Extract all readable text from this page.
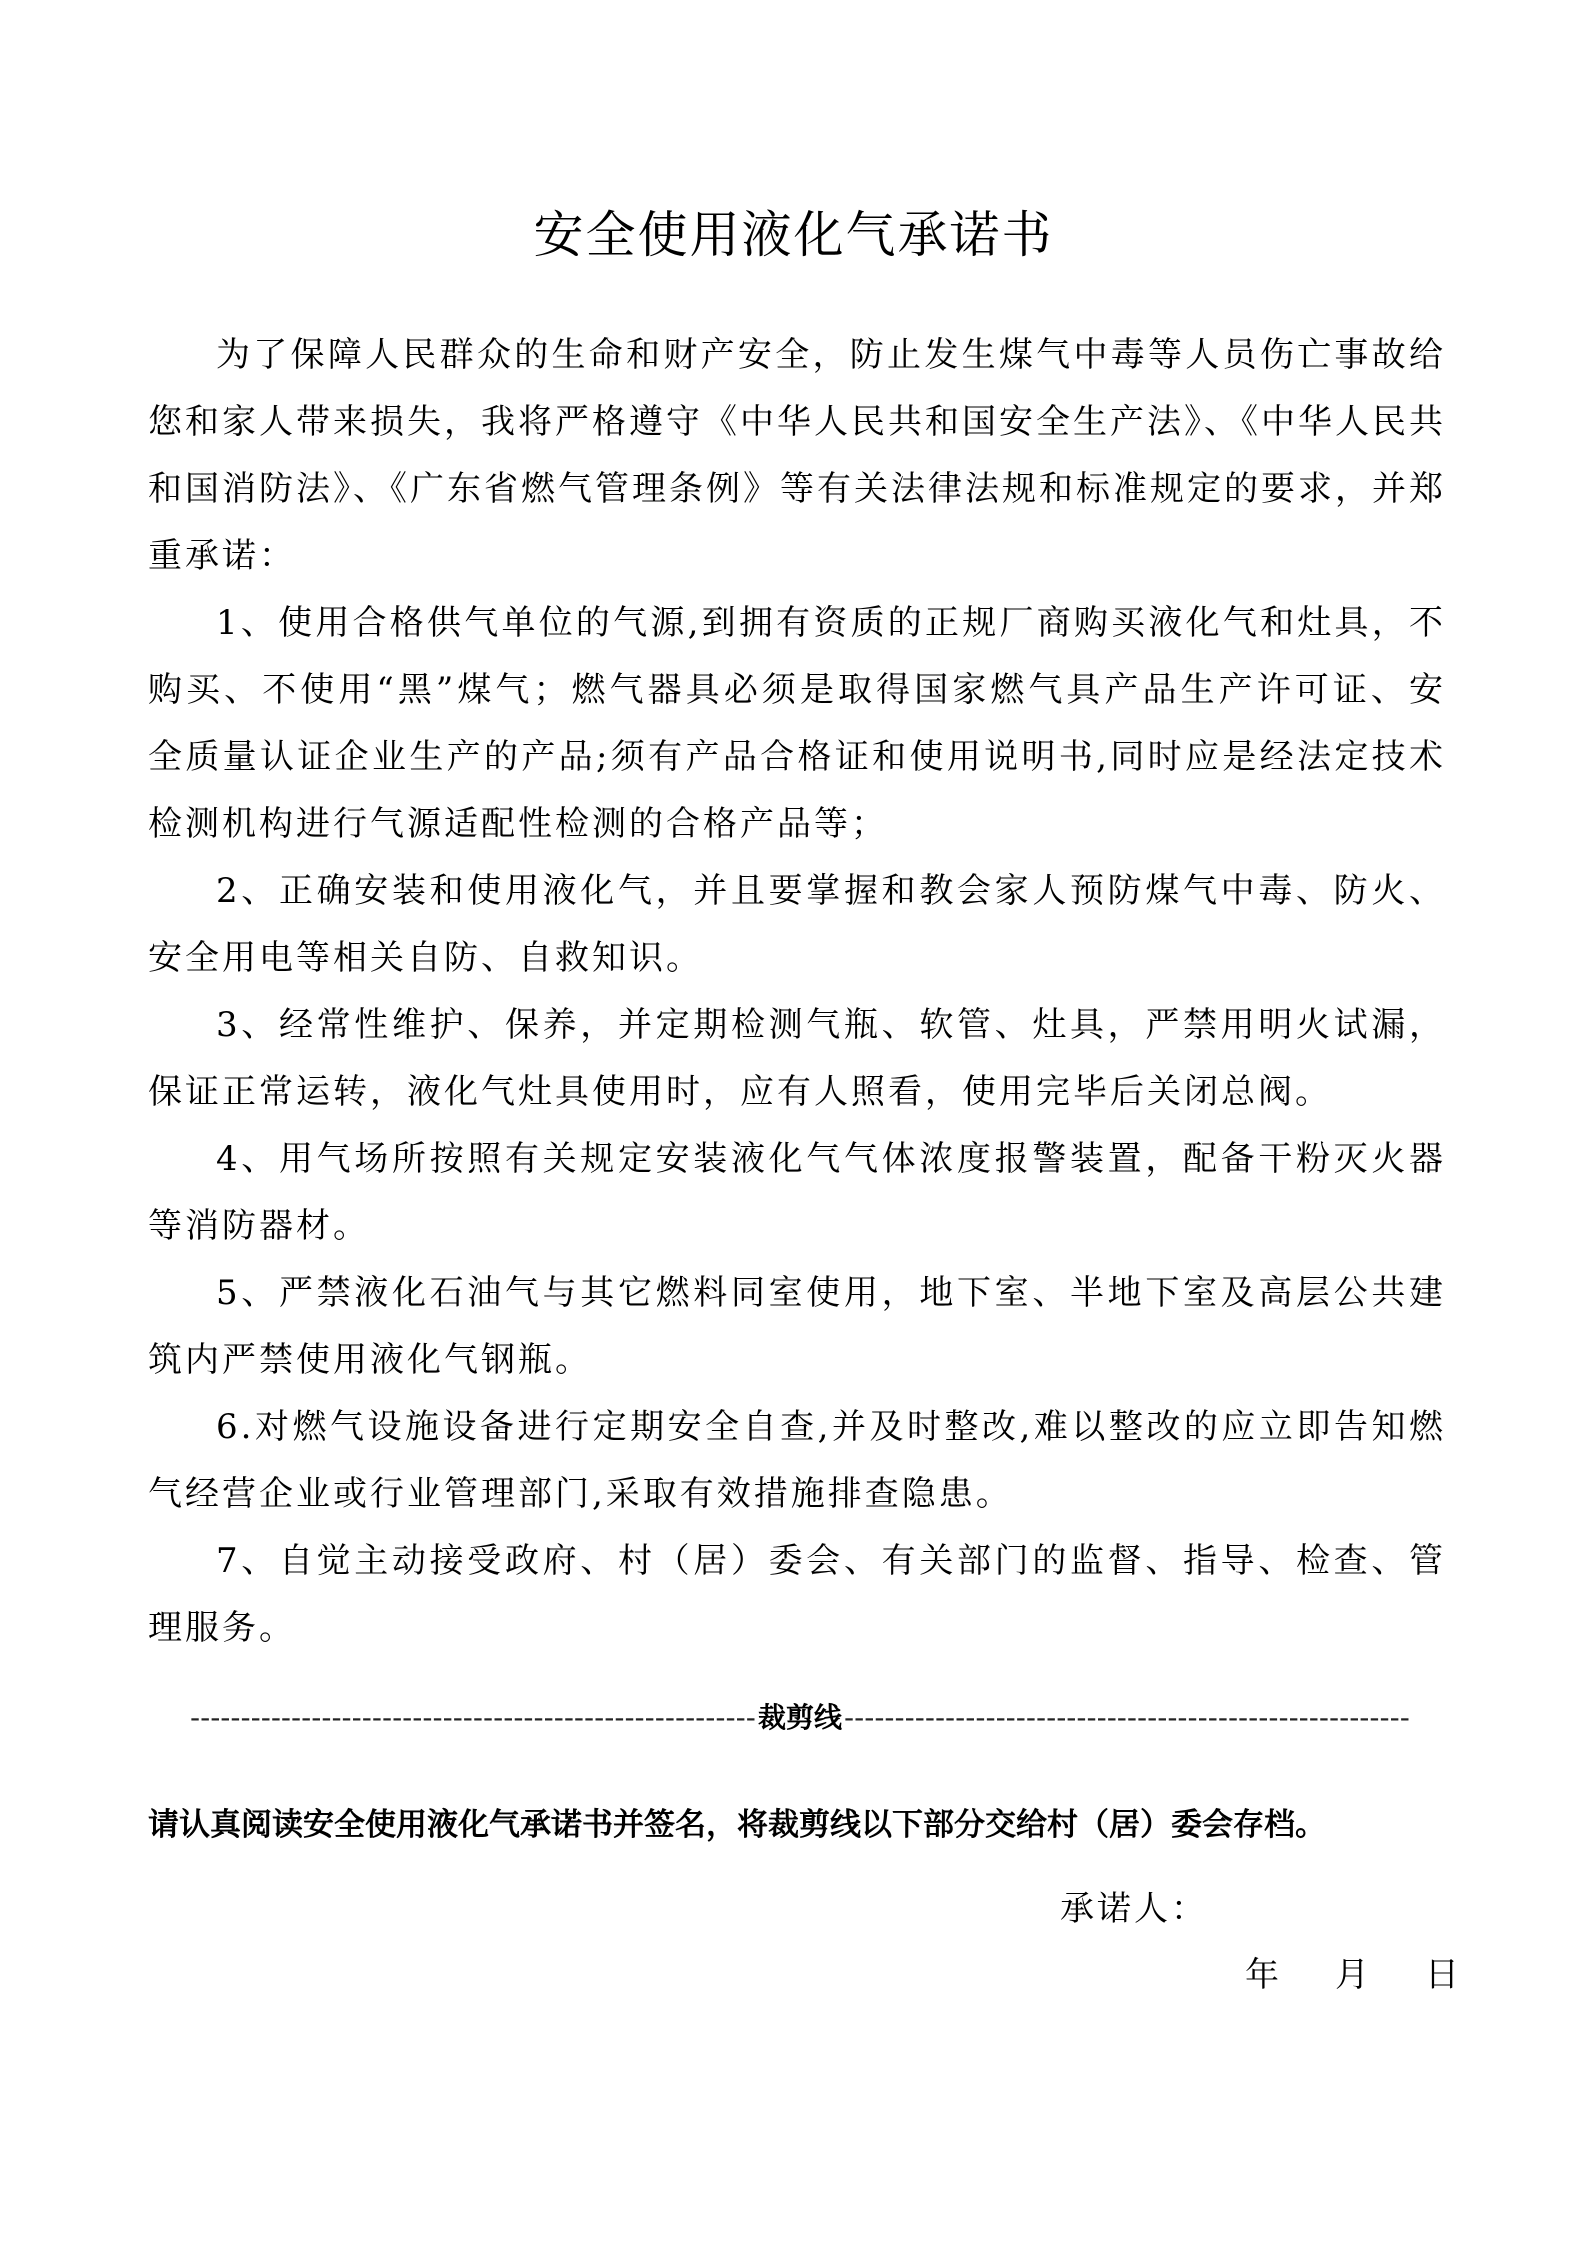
安全使用液化气承诺书

为了保障人民群众的生命和财产安全，防止发生煤气中毒等人员伤亡事故给您和家人带来损失，我将严格遵守《中华人民共和国安全生产法》、《中华人民共和国消防法》、《广东省燃气管理条例》等有关法律法规和标准规定的要求，并郑重承诺：

1、使用合格供气单位的气源,到拥有资质的正规厂商购买液化气和灶具，不购买、不使用“黑”煤气；燃气器具必须是取得国家燃气具产品生产许可证、安全质量认证企业生产的产品;须有产品合格证和使用说明书,同时应是经法定技术检测机构进行气源适配性检测的合格产品等；

2、正确安装和使用液化气，并且要掌握和教会家人预防煤气中毒、防火、安全用电等相关自防、自救知识。

3、经常性维护、保养，并定期检测气瓶、软管、灶具，严禁用明火试漏，保证正常运转，液化气灶具使用时，应有人照看，使用完毕后关闭总阀。

4、用气场所按照有关规定安装液化气气体浓度报警装置，配备干粉灭火器等消防器材。

5、严禁液化石油气与其它燃料同室使用，地下室、半地下室及高层公共建筑内严禁使用液化气钢瓶。

6.对燃气设施设备进行定期安全自查,并及时整改,难以整改的应立即告知燃气经营企业或行业管理部门,采取有效措施排查隐患。

7、自觉主动接受政府、村（居）委会、有关部门的监督、指导、检查、管理服务。

-----
裁剪线
-----
请认真阅读安全使用液化气承诺书并签名，将裁剪线以下部分交给村（居）委会存档。
承诺人：
年 月 日
